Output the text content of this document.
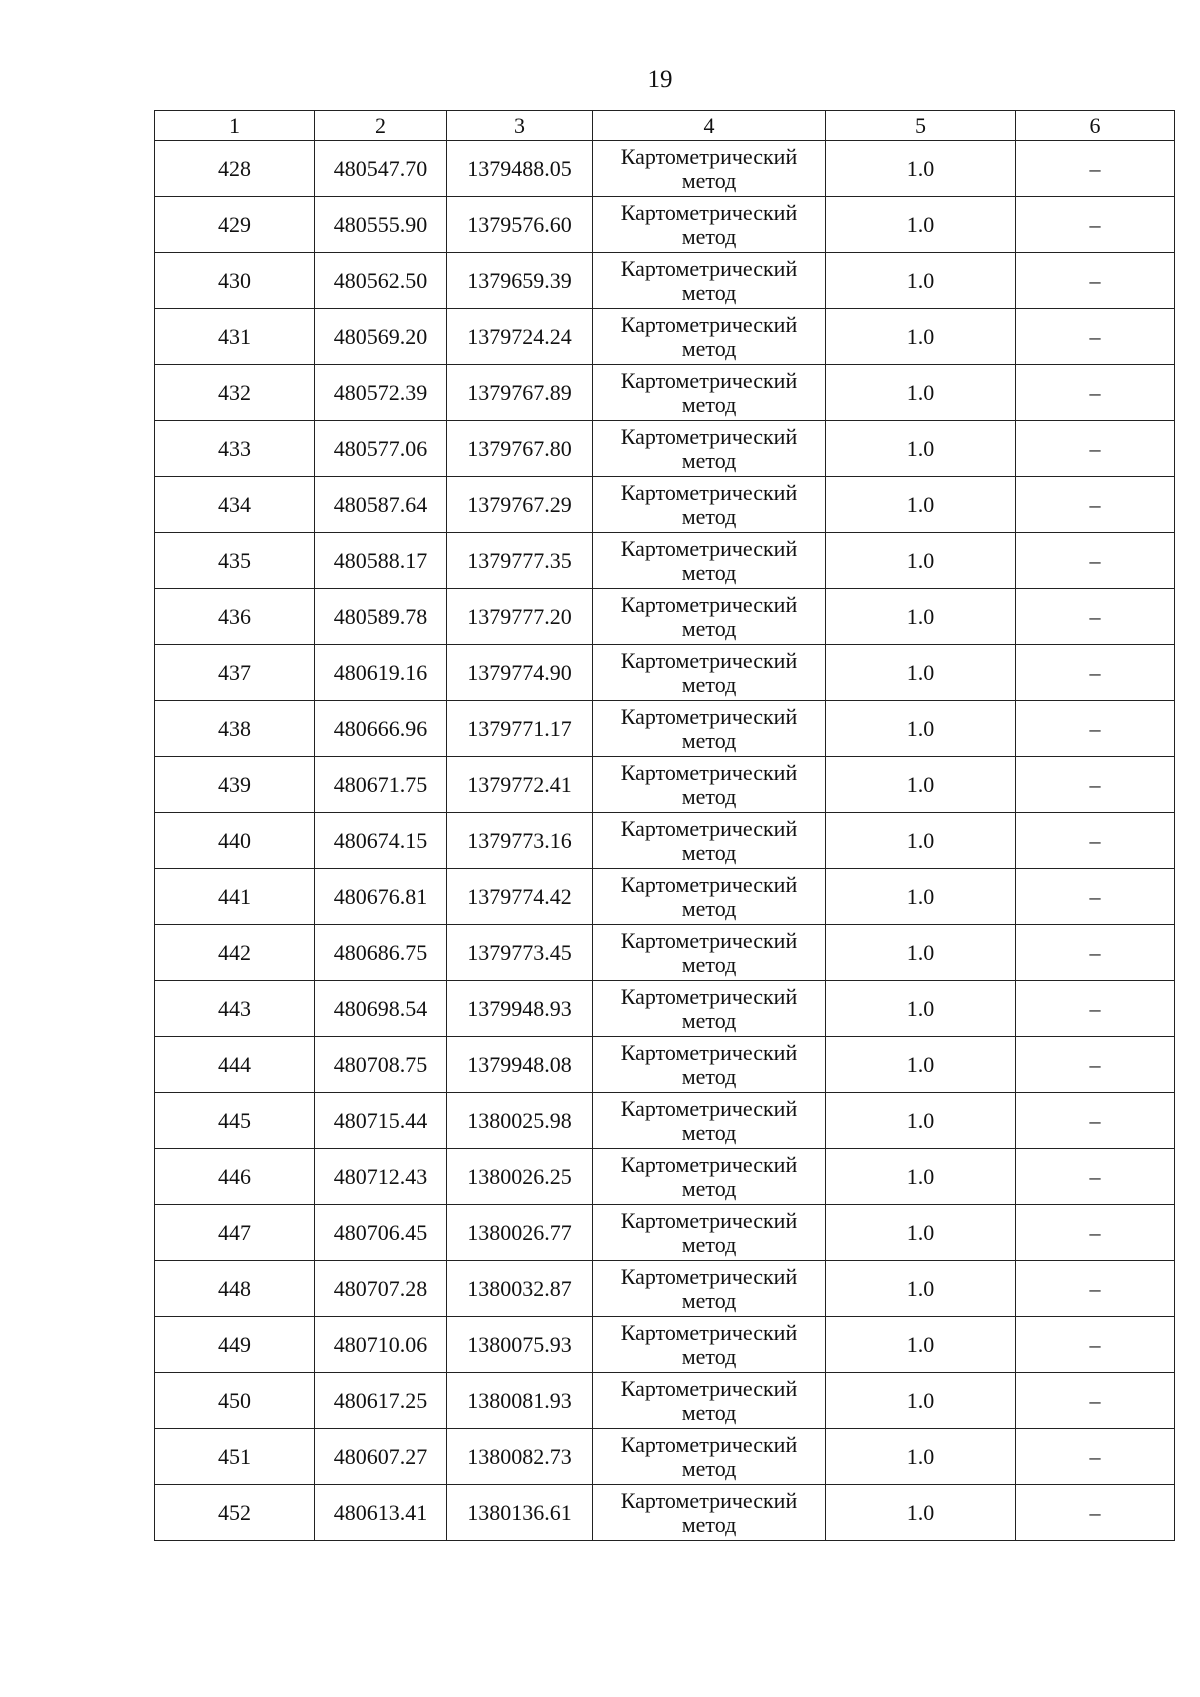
19
1	2	3	4	5	6
428	480547.70	1379488.05	Картометрический
метод	1.0	–
429	480555.90	1379576.60	Картометрический
метод	1.0	–
430	480562.50	1379659.39	Картометрический
метод	1.0	–
431	480569.20	1379724.24	Картометрический
метод	1.0	–
432	480572.39	1379767.89	Картометрический
метод	1.0	–
433	480577.06	1379767.80	Картометрический
метод	1.0	–
434	480587.64	1379767.29	Картометрический
метод	1.0	–
435	480588.17	1379777.35	Картометрический
метод	1.0	–
436	480589.78	1379777.20	Картометрический
метод	1.0	–
437	480619.16	1379774.90	Картометрический
метод	1.0	–
438	480666.96	1379771.17	Картометрический
метод	1.0	–
439	480671.75	1379772.41	Картометрический
метод	1.0	–
440	480674.15	1379773.16	Картометрический
метод	1.0	–
441	480676.81	1379774.42	Картометрический
метод	1.0	–
442	480686.75	1379773.45	Картометрический
метод	1.0	–
443	480698.54	1379948.93	Картометрический
метод	1.0	–
444	480708.75	1379948.08	Картометрический
метод	1.0	–
445	480715.44	1380025.98	Картометрический
метод	1.0	–
446	480712.43	1380026.25	Картометрический
метод	1.0	–
447	480706.45	1380026.77	Картометрический
метод	1.0	–
448	480707.28	1380032.87	Картометрический
метод	1.0	–
449	480710.06	1380075.93	Картометрический
метод	1.0	–
450	480617.25	1380081.93	Картометрический
метод	1.0	–
451	480607.27	1380082.73	Картометрический
метод	1.0	–
452	480613.41	1380136.61	Картометрический
метод	1.0	–
